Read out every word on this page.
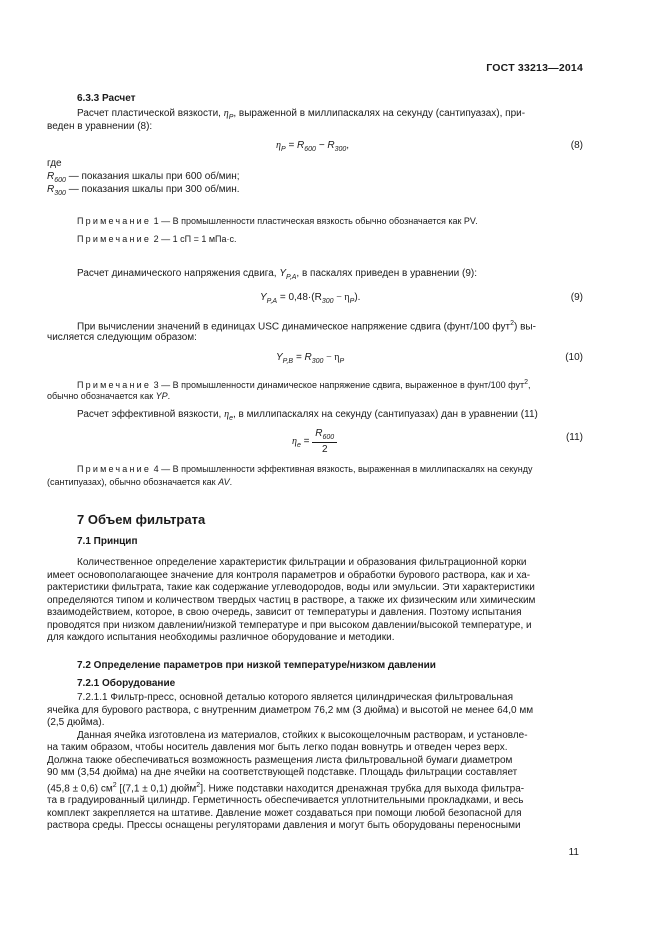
ГОСТ 33213—2014
6.3.3 Расчет
Расчет пластической вязкости, $\eta_P$, выраженной в миллипаскалях на секунду (сантипуазах), при-
веден в уравнении (8):
$\eta_P = R_{600} - R_{300}$,	(8)
где
$R_{600}$ — показания шкалы при 600 об/мин;
$R_{300}$ — показания шкалы при 300 об/мин.
Примечание 1 — В промышленности пластическая вязкость обычно обозначается как PV.
Примечание 2 — 1 сП = 1 мПа·с.
Расчет динамического напряжения сдвига, $Y_{P,A}$, в паскалях приведен в уравнении (9):
$Y_{P,A} = 0,48\cdot(R_{300} - \eta_P)$.	(9)
При вычислении значений в единицах USC динамическое напряжение сдвига (фунт/100 фут$^2$) вы-
числяется следующим образом:
$Y_{P,B} = R_{300} - \eta_P$	(10)
Примечание 3 — В промышленности динамическое напряжение сдвига, выраженное в фунт/100 фут$^2$,
обычно обозначается как YP.
Расчет эффективной вязкости, $\eta_e$, в миллипаскалях на секунду (сантипуазах) дан в уравнении (11)
$\eta_e = \frac{R_{600}}{2}$	(11)
Примечание 4 — В промышленности эффективная вязкость, выраженная в миллипаскалях на секунду
(сантипуазах), обычно обозначается как AV.
7 Объем фильтрата
7.1 Принцип
Количественное определение характеристик фильтрации и образования фильтрационной корки
имеет основополагающее значение для контроля параметров и обработки бурового раствора, как и ха-
рактеристики фильтрата, такие как содержание углеводородов, воды или эмульсии. Эти характеристики
определяются типом и количеством твердых частиц в растворе, а также их физическим или химическим
взаимодействием, которое, в свою очередь, зависит от температуры и давления. Поэтому испытания
проводятся при низком давлении/низкой температуре и при высоком давлении/высокой температуре, и
для каждого испытания необходимы различное оборудование и методики.
7.2 Определение параметров при низкой температуре/низком давлении
7.2.1 Оборудование
7.2.1.1 Фильтр-пресс, основной деталью которого является цилиндрическая фильтровальная
ячейка для бурового раствора, с внутренним диаметром 76,2 мм (3 дюйма) и высотой не менее 64,0 мм
(2,5 дюйма).
Данная ячейка изготовлена из материалов, стойких к высокощелочным растворам, и установле-
на таким образом, чтобы носитель давления мог быть легко подан вовнутрь и отведен через верх.
Должна также обеспечиваться возможность размещения листа фильтровальной бумаги диаметром
90 мм (3,54 дюйма) на дне ячейки на соответствующей подставке. Площадь фильтрации составляет
(45,8 ± 0,6) $см^2$ [(7,1 ± 0,1) дюйм$^2$]. Ниже подставки находится дренажная трубка для выхода фильтра-
та в градуированный цилиндр. Герметичность обеспечивается уплотнительными прокладками, и весь
комплект закрепляется на штативе. Давление может создаваться при помощи любой безопасной для
раствора среды. Прессы оснащены регуляторами давления и могут быть оборудованы переносными
11
